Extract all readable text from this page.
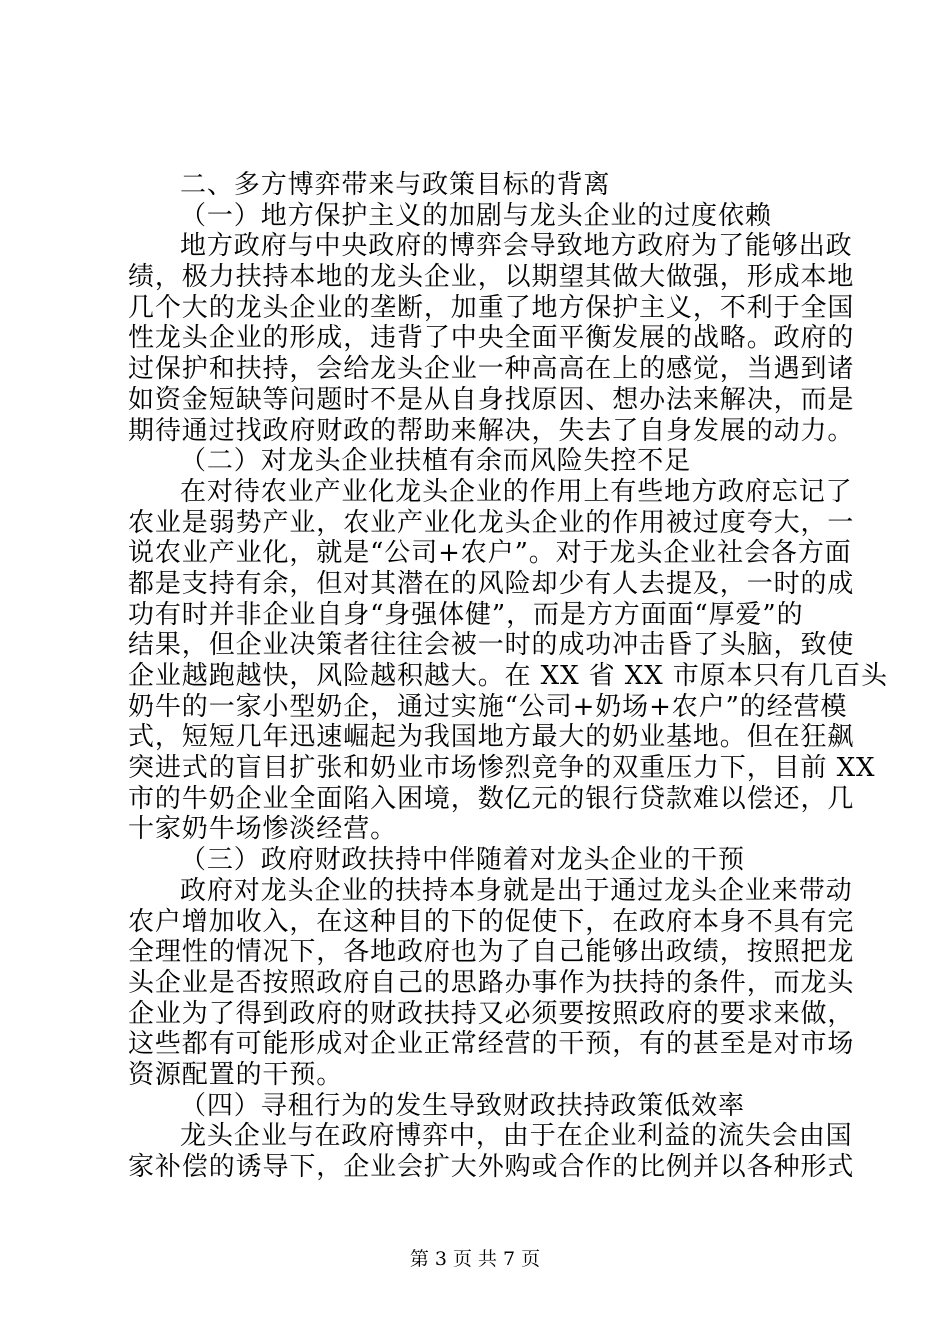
二、多方博弈带来与政策目标的背离
（一）地方保护主义的加剧与龙头企业的过度依赖
地方政府与中央政府的博弈会导致地方政府为了能够出政
绩，极力扶持本地的龙头企业，以期望其做大做强，形成本地
几个大的龙头企业的垄断，加重了地方保护主义，不利于全国
性龙头企业的形成，违背了中央全面平衡发展的战略。政府的
过保护和扶持，会给龙头企业一种高高在上的感觉，当遇到诸
如资金短缺等问题时不是从自身找原因、想办法来解决，而是
期待通过找政府财政的帮助来解决，失去了自身发展的动力。
（二）对龙头企业扶植有余而风险失控不足
在对待农业产业化龙头企业的作用上有些地方政府忘记了
农业是弱势产业，农业产业化龙头企业的作用被过度夸大，一
说农业产业化，就是“公司+农户”。对于龙头企业社会各方面
都是支持有余，但对其潜在的风险却少有人去提及，一时的成
功有时并非企业自身“身强体健”，而是方方面面“厚爱”的
结果，但企业决策者往往会被一时的成功冲击昏了头脑，致使
企业越跑越快，风险越积越大。在 XX 省 XX 市原本只有几百头
奶牛的一家小型奶企，通过实施“公司+奶场+农户”的经营模
式，短短几年迅速崛起为我国地方最大的奶业基地。但在狂飙
突进式的盲目扩张和奶业市场惨烈竞争的双重压力下，目前 XX
市的牛奶企业全面陷入困境，数亿元的银行贷款难以偿还，几
十家奶牛场惨淡经营。
（三）政府财政扶持中伴随着对龙头企业的干预
政府对龙头企业的扶持本身就是出于通过龙头企业来带动
农户增加收入，在这种目的下的促使下，在政府本身不具有完
全理性的情况下，各地政府也为了自己能够出政绩，按照把龙
头企业是否按照政府自己的思路办事作为扶持的条件，而龙头
企业为了得到政府的财政扶持又必须要按照政府的要求来做，
这些都有可能形成对企业正常经营的干预，有的甚至是对市场
资源配置的干预。
（四）寻租行为的发生导致财政扶持政策低效率
龙头企业与在政府博弈中，由于在企业利益的流失会由国
家补偿的诱导下，企业会扩大外购或合作的比例并以各种形式
第 3 页 共 7 页
